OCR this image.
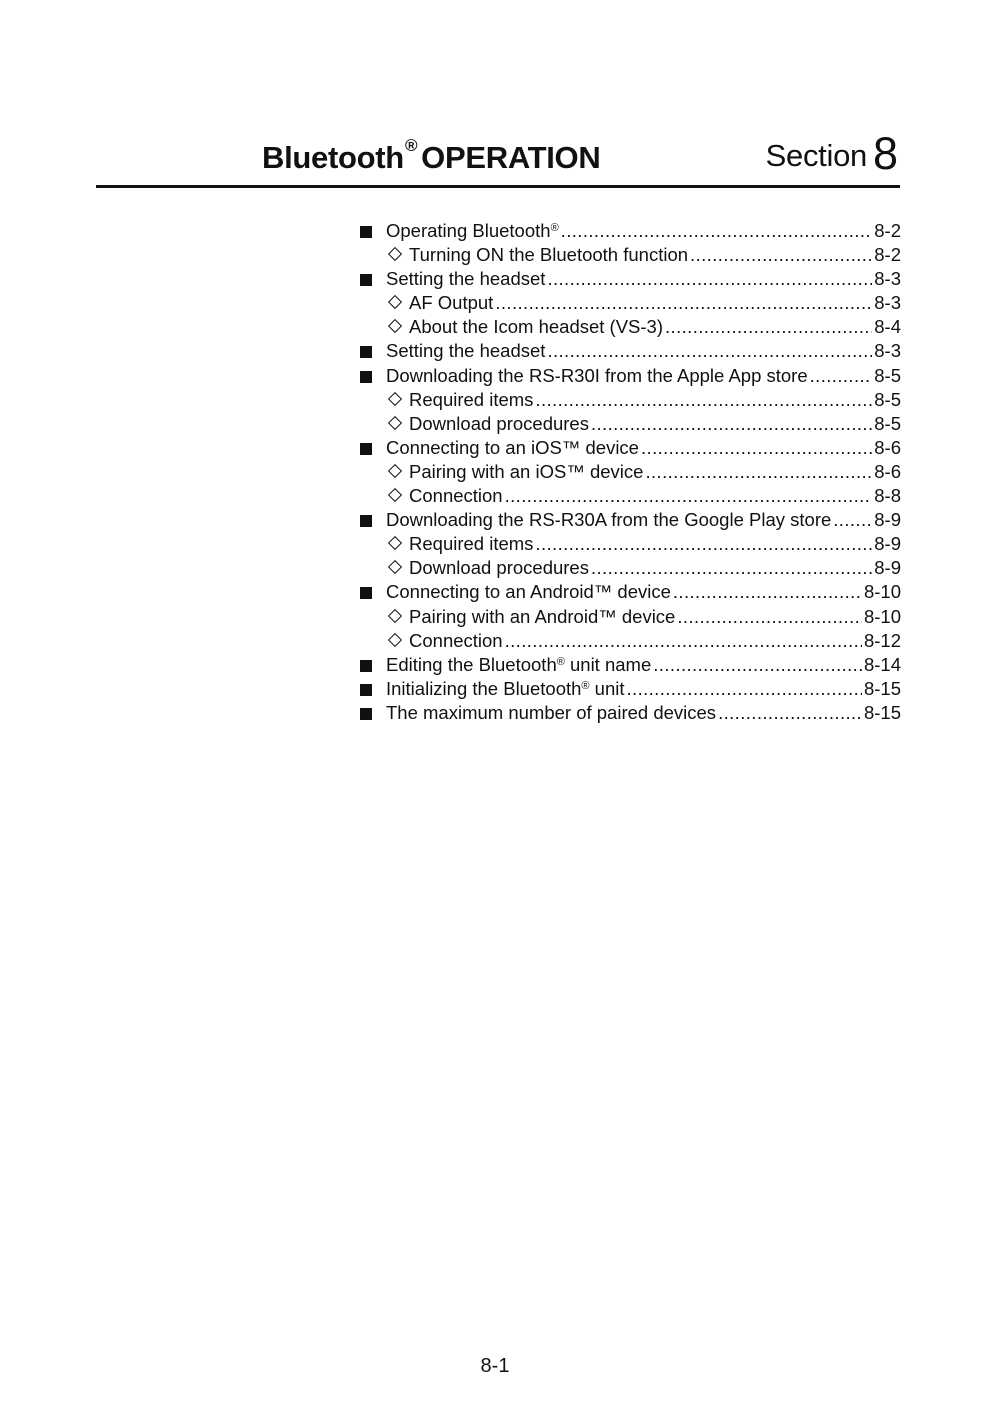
Bluetooth® OPERATION	Section 8
Operating Bluetooth® .....	8-2
Turning ON the Bluetooth function .....	8-2
Setting the headset .....	8-3
AF Output .....	8-3
About the Icom headset (VS-3) .....	8-4
Setting the headset .....	8-3
Downloading the RS-R30I from the Apple App store .....	8-5
Required items .....	8-5
Download procedures .....	8-5
Connecting to an iOS™ device .....	8-6
Pairing with an iOS™ device .....	8-6
Connection .....	8-8
Downloading the RS-R30A from the Google Play store ..... 8-9
Required items .....	8-9
Download procedures .....	8-9
Connecting to an Android™ device .....	8-10
Pairing with an Android™ device .....	8-10
Connection .....	8-12
Editing the Bluetooth® unit name .....	8-14
Initializing the Bluetooth® unit .....	8-15
The maximum number of paired devices .....	8-15
8-1
